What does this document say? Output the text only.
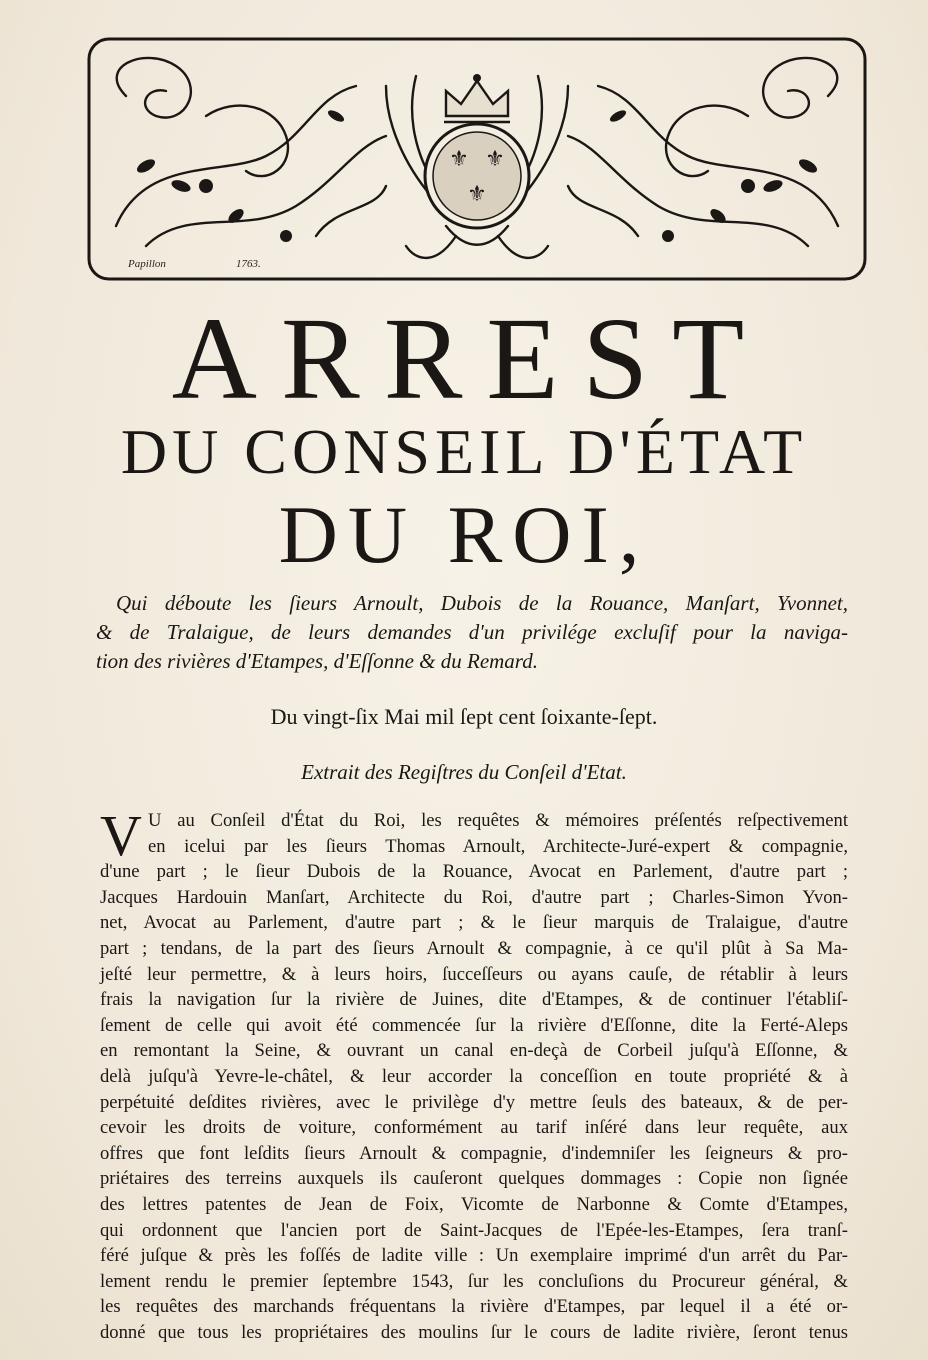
⚜ ⚜
⚜
Papillon	1763.
ARREST
DU CONSEIL D'ÉTAT
DU ROI,
Qui déboute les ſieurs Arnoult, Dubois de la Rouance, Manſart, Yvonnet,
& de Tralaigue, de leurs demandes d'un privilége excluſif pour la naviga-
tion des rivières d'Etampes, d'Eſſonne & du Remard.
Du vingt-ſix Mai mil ſept cent ſoixante-ſept.
Extrait des Regiſtres du Conſeil d'Etat.
V U au Conſeil d'État du Roi, les requêtes & mémoires préſentés reſpectivement
en icelui par les ſieurs Thomas Arnoult, Architecte-Juré-expert & compagnie,
d'une part ; le ſieur Dubois de la Rouance, Avocat en Parlement, d'autre part ;
Jacques Hardouin Manſart, Architecte du Roi, d'autre part ; Charles-Simon Yvon-
net, Avocat au Parlement, d'autre part ; & le ſieur marquis de Tralaigue, d'autre
part ; tendans, de la part des ſieurs Arnoult & compagnie, à ce qu'il plût à Sa Ma-
jeſté leur permettre, & à leurs hoirs, ſucceſſeurs ou ayans cauſe, de rétablir à leurs
frais la navigation ſur la rivière de Juines, dite d'Etampes, & de continuer l'établiſ-
ſement de celle qui avoit été commencée ſur la rivière d'Eſſonne, dite la Ferté-Aleps
en remontant la Seine, & ouvrant un canal en-deçà de Corbeil juſqu'à Eſſonne, &
delà juſqu'à Yevre-le-châtel, & leur accorder la conceſſion en toute propriété & à
perpétuité deſdites rivières, avec le privilège d'y mettre ſeuls des bateaux, & de per-
cevoir les droits de voiture, conformément au tarif inſéré dans leur requête, aux
offres que font leſdits ſieurs Arnoult & compagnie, d'indemniſer les ſeigneurs & pro-
priétaires des terreins auxquels ils cauſeront quelques dommages : Copie non ſignée
des lettres patentes de Jean de Foix, Vicomte de Narbonne & Comte d'Etampes,
qui ordonnent que l'ancien port de Saint-Jacques de l'Epée-les-Etampes, ſera tranſ-
féré juſque & près les foſſés de ladite ville : Un exemplaire imprimé d'un arrêt du Par-
lement rendu le premier ſeptembre 1543, ſur les concluſions du Procureur général, &
les requêtes des marchands fréquentans la rivière d'Etampes, par lequel il a été or-
donné que tous les propriétaires des moulins ſur le cours de ladite rivière, ſeront tenus
